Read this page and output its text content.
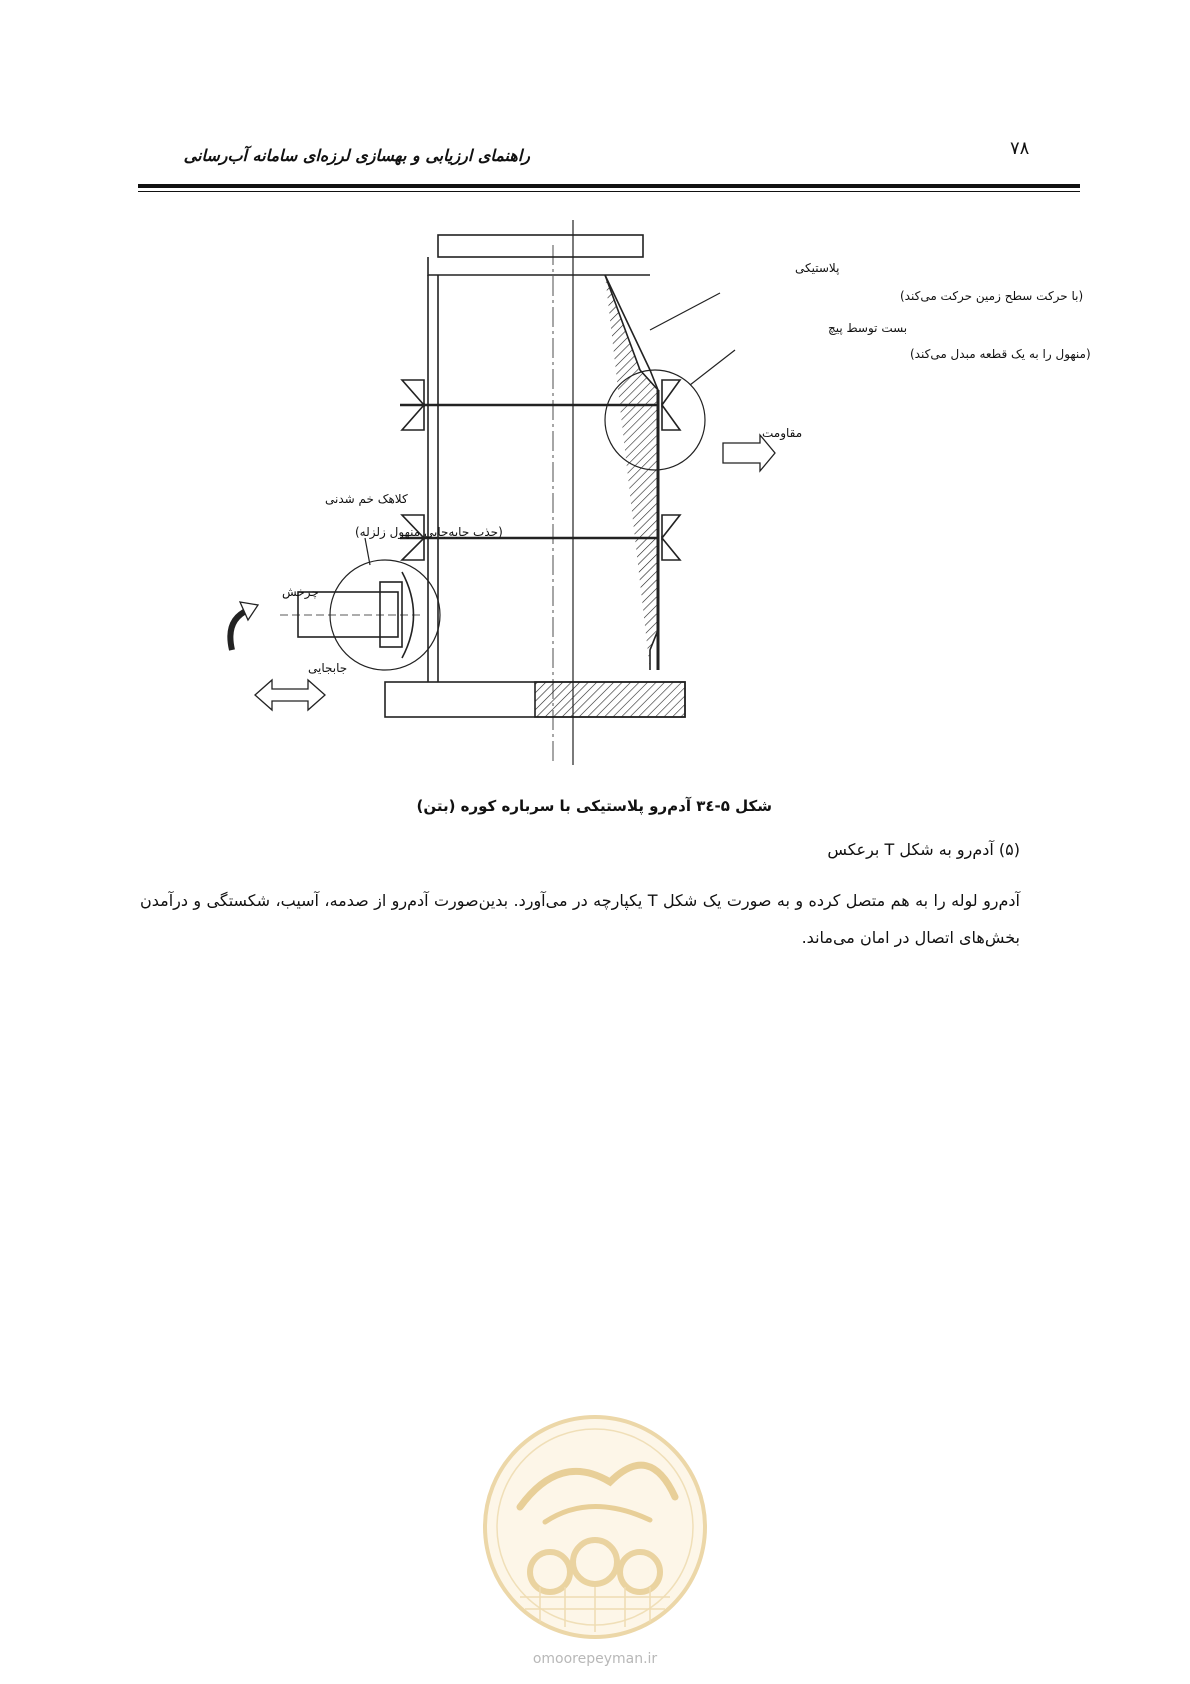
۷۸
راهنمای ارزیابی و بهسازی لرزه‌ای سامانه آب‌رسانی
پلاستیکی
(با حرکت سطح زمین حرکت می‌کند)
بست توسط پیچ
(منهول را به یک قطعه مبدل می‌کند)
مقاومت
کلاهک خم شدنی
(جذب جابه‌جایی منهول زلزله)
چرخش
جابجایی
شکل ۵-۳٤ آدم‌رو پلاستیکی با سرباره کوره (بتن)
(۵) آدم‌رو به شکل T برعکس
آدم‌رو لوله را به هم متصل کرده و به صورت یک شکل T یکپارچه در می‌آورد. بدین‌صورت آدم‌رو از صدمه، آسیب، شکستگی و درآمدن بخش‌های اتصال در امان می‌ماند.
omoorepeyman.ir
